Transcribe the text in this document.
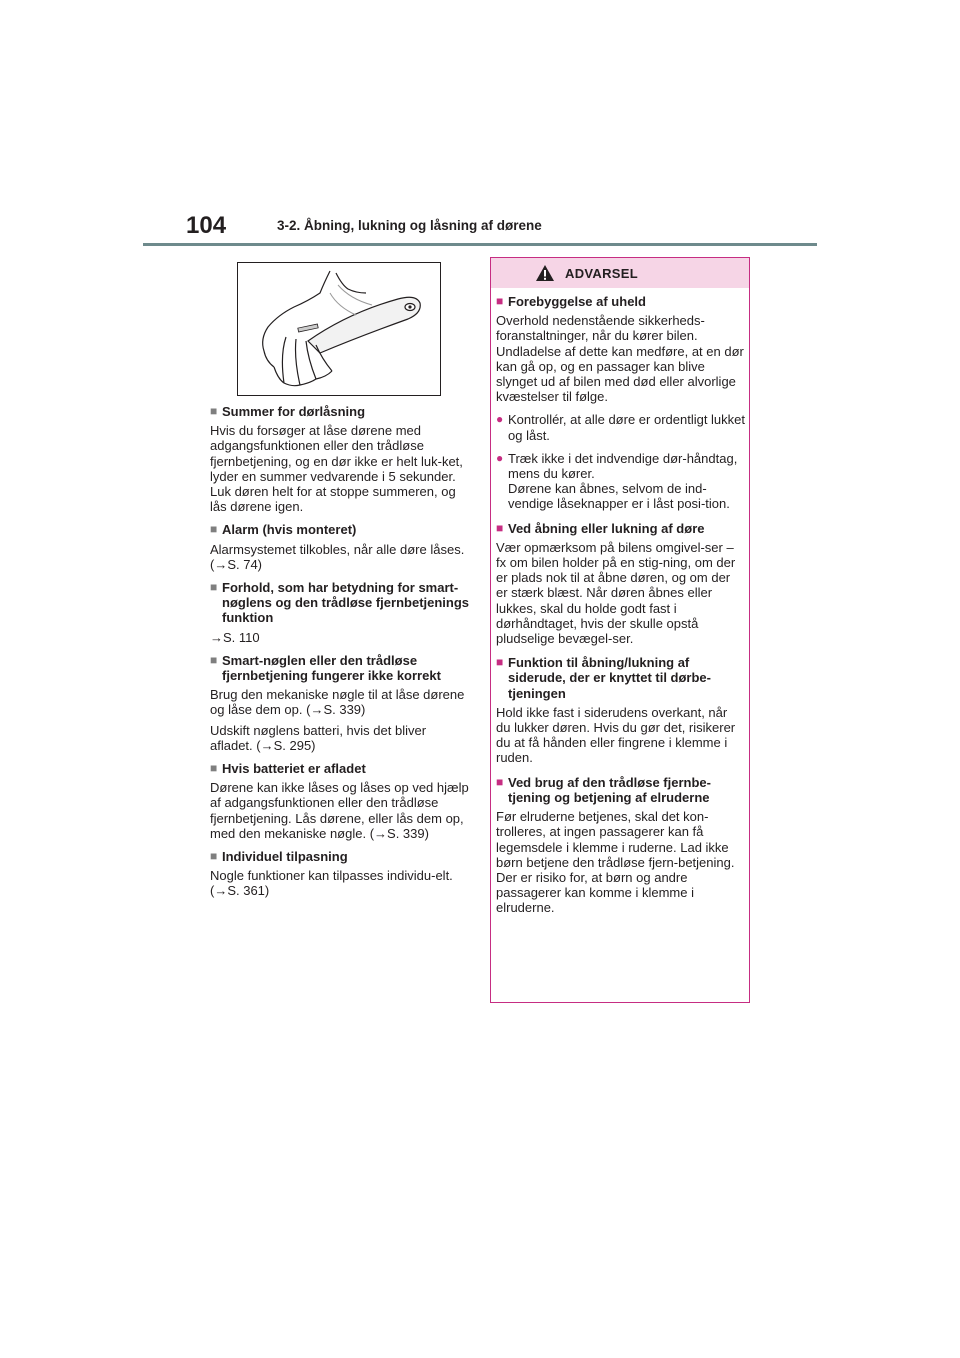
104	3-2. Åbning, lukning og låsning af dørene
■
Summer for dørlåsning
Hvis du forsøger at låse dørene med adgangsfunktionen eller den trådløse fjernbetjening, og en dør ikke er helt luk-ket, lyder en summer vedvarende i 5 sekunder. Luk døren helt for at stoppe summeren, og lås dørene igen.
■
Alarm (hvis monteret)
Alarmsystemet tilkobles, når alle døre låses. (→S. 74)
■
Forhold, som har betydning for smart-nøglens og den trådløse fjernbetjenings funktion
→S. 110
■
Smart-nøglen eller den trådløse fjernbetjening fungerer ikke korrekt
Brug den mekaniske nøgle til at låse dørene og låse dem op. (→S. 339)
Udskift nøglens batteri, hvis det bliver afladet. (→S. 295)
■
Hvis batteriet er afladet
Dørene kan ikke låses og låses op ved hjælp af adgangsfunktionen eller den trådløse fjernbetjening. Lås dørene, eller lås dem op, med den mekaniske nøgle. (→S. 339)
■
Individuel tilpasning
Nogle funktioner kan tilpasses individu-elt. (→S. 361)
ADVARSEL
■
Forebyggelse af uheld
Overhold nedenstående sikkerheds-foranstaltninger, når du kører bilen. Undladelse af dette kan medføre, at en dør kan gå op, og en passager kan blive slynget ud af bilen med død eller alvorlige kvæstelser til følge.
●
Kontrollér, at alle døre er ordentligt lukket og låst.
●
Træk ikke i det indvendige dør-håndtag, mens du kører.
Dørene kan åbnes, selvom de ind-vendige låseknapper er i låst posi-tion.
■
Ved åbning eller lukning af døre
Vær opmærksom på bilens omgivel-ser – fx om bilen holder på en stig-ning, om der er plads nok til at åbne døren, og om der er stærk blæst. Når døren åbnes eller lukkes, skal du holde godt fast i dørhåndtaget, hvis der skulle opstå pludselige bevægel-ser.
■
Funktion til åbning/lukning af siderude, der er knyttet til dørbe-tjeningen
Hold ikke fast i siderudens overkant, når du lukker døren. Hvis du gør det, risikerer du at få hånden eller fingrene i klemme i ruden.
■
Ved brug af den trådløse fjernbe-tjening og betjening af elruderne
Før elruderne betjenes, skal det kon-trolleres, at ingen passagerer kan få legemsdele i klemme i ruderne. Lad ikke børn betjene den trådløse fjern-betjening. Der er risiko for, at børn og andre passagerer kan komme i klemme i elruderne.
